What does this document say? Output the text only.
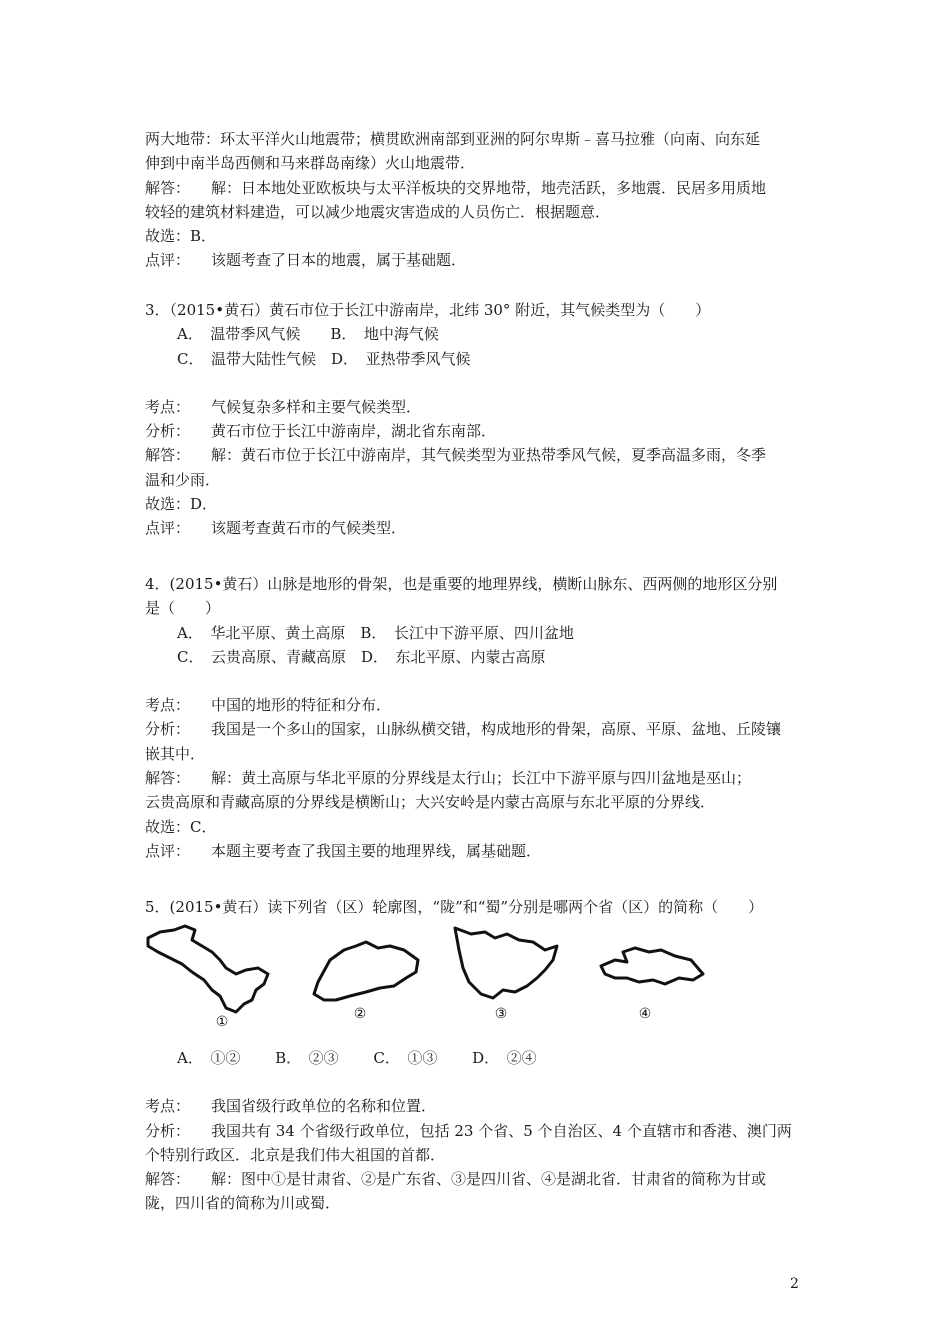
两大地带：环太平洋火山地震带；横贯欧洲南部到亚洲的阿尔卑斯﹣喜马拉雅（向南、向东延
伸到中南半岛西侧和马来群岛南缘）火山地震带．
解答： 解：日本地处亚欧板块与太平洋板块的交界地带，地壳活跃，多地震．民居多用质地
较轻的建筑材料建造，可以减少地震灾害造成的人员伤亡．根据题意．
故选：B．
点评： 该题考查了日本的地震，属于基础题．
3．（2015•黄石）黄石市位于长江中游南岸，北纬 30° 附近，其气候类型为（　　）
A．　温带季风气候　　B．　地中海气候
C．　温带大陆性气候　D．　亚热带季风气候
考点： 气候复杂多样和主要气候类型．
分析： 黄石市位于长江中游南岸，湖北省东南部．
解答： 解：黄石市位于长江中游南岸，其气候类型为亚热带季风气候，夏季高温多雨，冬季
温和少雨．
故选：D．
点评： 该题考查黄石市的气候类型．
4．(2015•黄石）山脉是地形的骨架，也是重要的地理界线，横断山脉东、西两侧的地形区分别
是（　　）
A．　华北平原、黄土高原　B．　长江中下游平原、四川盆地
C．　云贵高原、青藏高原　D．　东北平原、内蒙古高原
考点： 中国的地形的特征和分布．
分析： 我国是一个多山的国家，山脉纵横交错，构成地形的骨架，高原、平原、盆地、丘陵镶
嵌其中．
解答： 解：黄土高原与华北平原的分界线是太行山；长江中下游平原与四川盆地是巫山；
云贵高原和青藏高原的分界线是横断山；大兴安岭是内蒙古高原与东北平原的分界线．
故选：C．
点评： 本题主要考查了我国主要的地理界线，属基础题．
5．(2015•黄石）读下列省（区）轮廓图，“陇”和“蜀”分别是哪两个省（区）的简称（　　）
①	②	③	④
A．　①②　　 B．　②③　　 C．　①③　　 D．　②④
考点： 我国省级行政单位的名称和位置．
分析： 我国共有 34 个省级行政单位，包括 23 个省、5 个自治区、4 个直辖市和香港、澳门两
个特别行政区．北京是我们伟大祖国的首都．
解答： 解：图中①是甘肃省、②是广东省、③是四川省、④是湖北省．甘肃省的简称为甘或
陇，四川省的简称为川或蜀．
2
